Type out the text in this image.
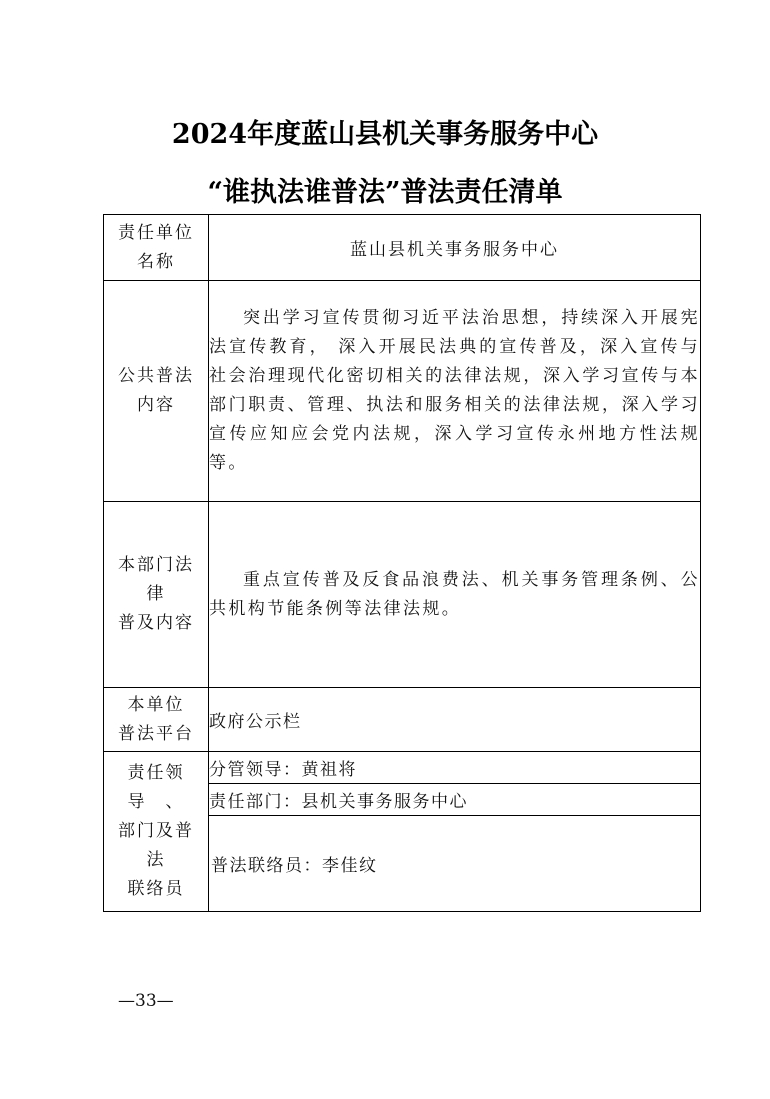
2024年度蓝山县机关事务服务中心
“谁执法谁普法”普法责任清单
责任单位
名称	蓝山县机关事务服务中心

公共普法
内容	突出学习宣传贯彻习近平法治思想，持续深入开展宪法宣传教育， 深入开展民法典的宣传普及，深入宣传与社会治理现代化密切相关的法律法规，深入学习宣传与本部门职责、管理、执法和服务相关的法律法规，深入学习宣传应知应会党内法规，深入学习宣传永州地方性法规等。

本部门法
律
普及内容	重点宣传普及反食品浪费法、机关事务管理条例、公共机构节能条例等法律法规。

本单位
普法平台	政府公示栏

责任领
导　、
部门及普
法
联络员	分管领导：黄祖将
	责任部门：县机关事务服务中心
	普法联络员：李佳纹
—33—
